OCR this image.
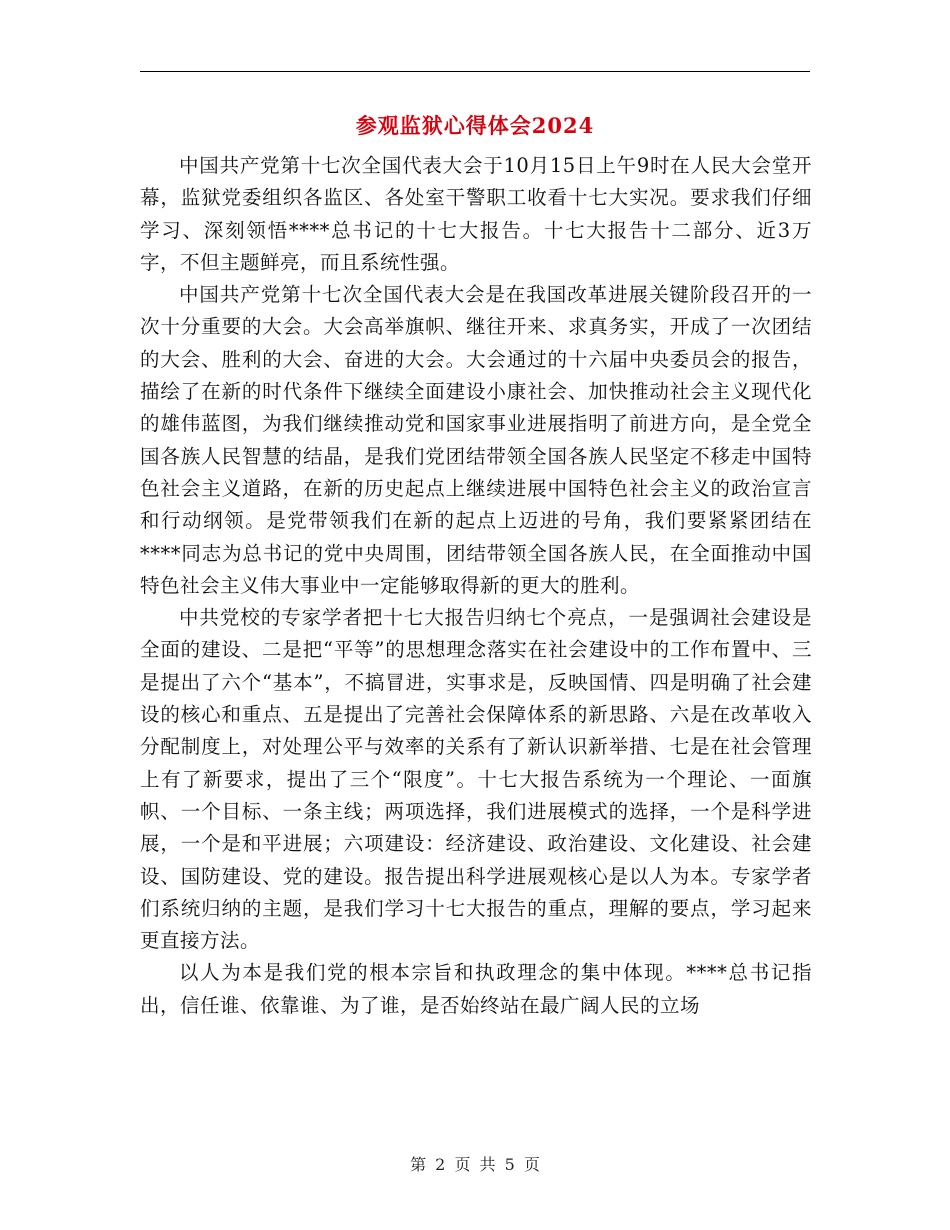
参观监狱心得体会2024

中国共产党第十七次全国代表大会于10月15日上午9时在人民大会堂开幕，监狱党委组织各监区、各处室干警职工收看十七大实况。要求我们仔细学习、深刻领悟****总书记的十七大报告。十七大报告十二部分、近3万字，不但主题鲜亮，而且系统性强。

中国共产党第十七次全国代表大会是在我国改革进展关键阶段召开的一次十分重要的大会。大会高举旗帜、继往开来、求真务实，开成了一次团结的大会、胜利的大会、奋进的大会。大会通过的十六届中央委员会的报告，描绘了在新的时代条件下继续全面建设小康社会、加快推动社会主义现代化的雄伟蓝图，为我们继续推动党和国家事业进展指明了前进方向，是全党全国各族人民智慧的结晶，是我们党团结带领全国各族人民坚定不移走中国特色社会主义道路，在新的历史起点上继续进展中国特色社会主义的政治宣言和行动纲领。是党带领我们在新的起点上迈进的号角，我们要紧紧团结在****同志为总书记的党中央周围，团结带领全国各族人民，在全面推动中国特色社会主义伟大事业中一定能够取得新的更大的胜利。

中共党校的专家学者把十七大报告归纳七个亮点，一是强调社会建设是全面的建设、二是把“平等”的思想理念落实在社会建设中的工作布置中、三是提出了六个“基本”，不搞冒进，实事求是，反映国情、四是明确了社会建设的核心和重点、五是提出了完善社会保障体系的新思路、六是在改革收入分配制度上，对处理公平与效率的关系有了新认识新举措、七是在社会管理上有了新要求，提出了三个“限度”。十七大报告系统为一个理论、一面旗帜、一个目标、一条主线；两项选择，我们进展模式的选择，一个是科学进展，一个是和平进展；六项建设：经济建设、政治建设、文化建设、社会建设、国防建设、党的建设。报告提出科学进展观核心是以人为本。专家学者们系统归纳的主题，是我们学习十七大报告的重点，理解的要点，学习起来更直接方法。

以人为本是我们党的根本宗旨和执政理念的集中体现。****总书记指出，信任谁、依靠谁、为了谁，是否始终站在最广阔人民的立场

第 2 页 共 5 页
